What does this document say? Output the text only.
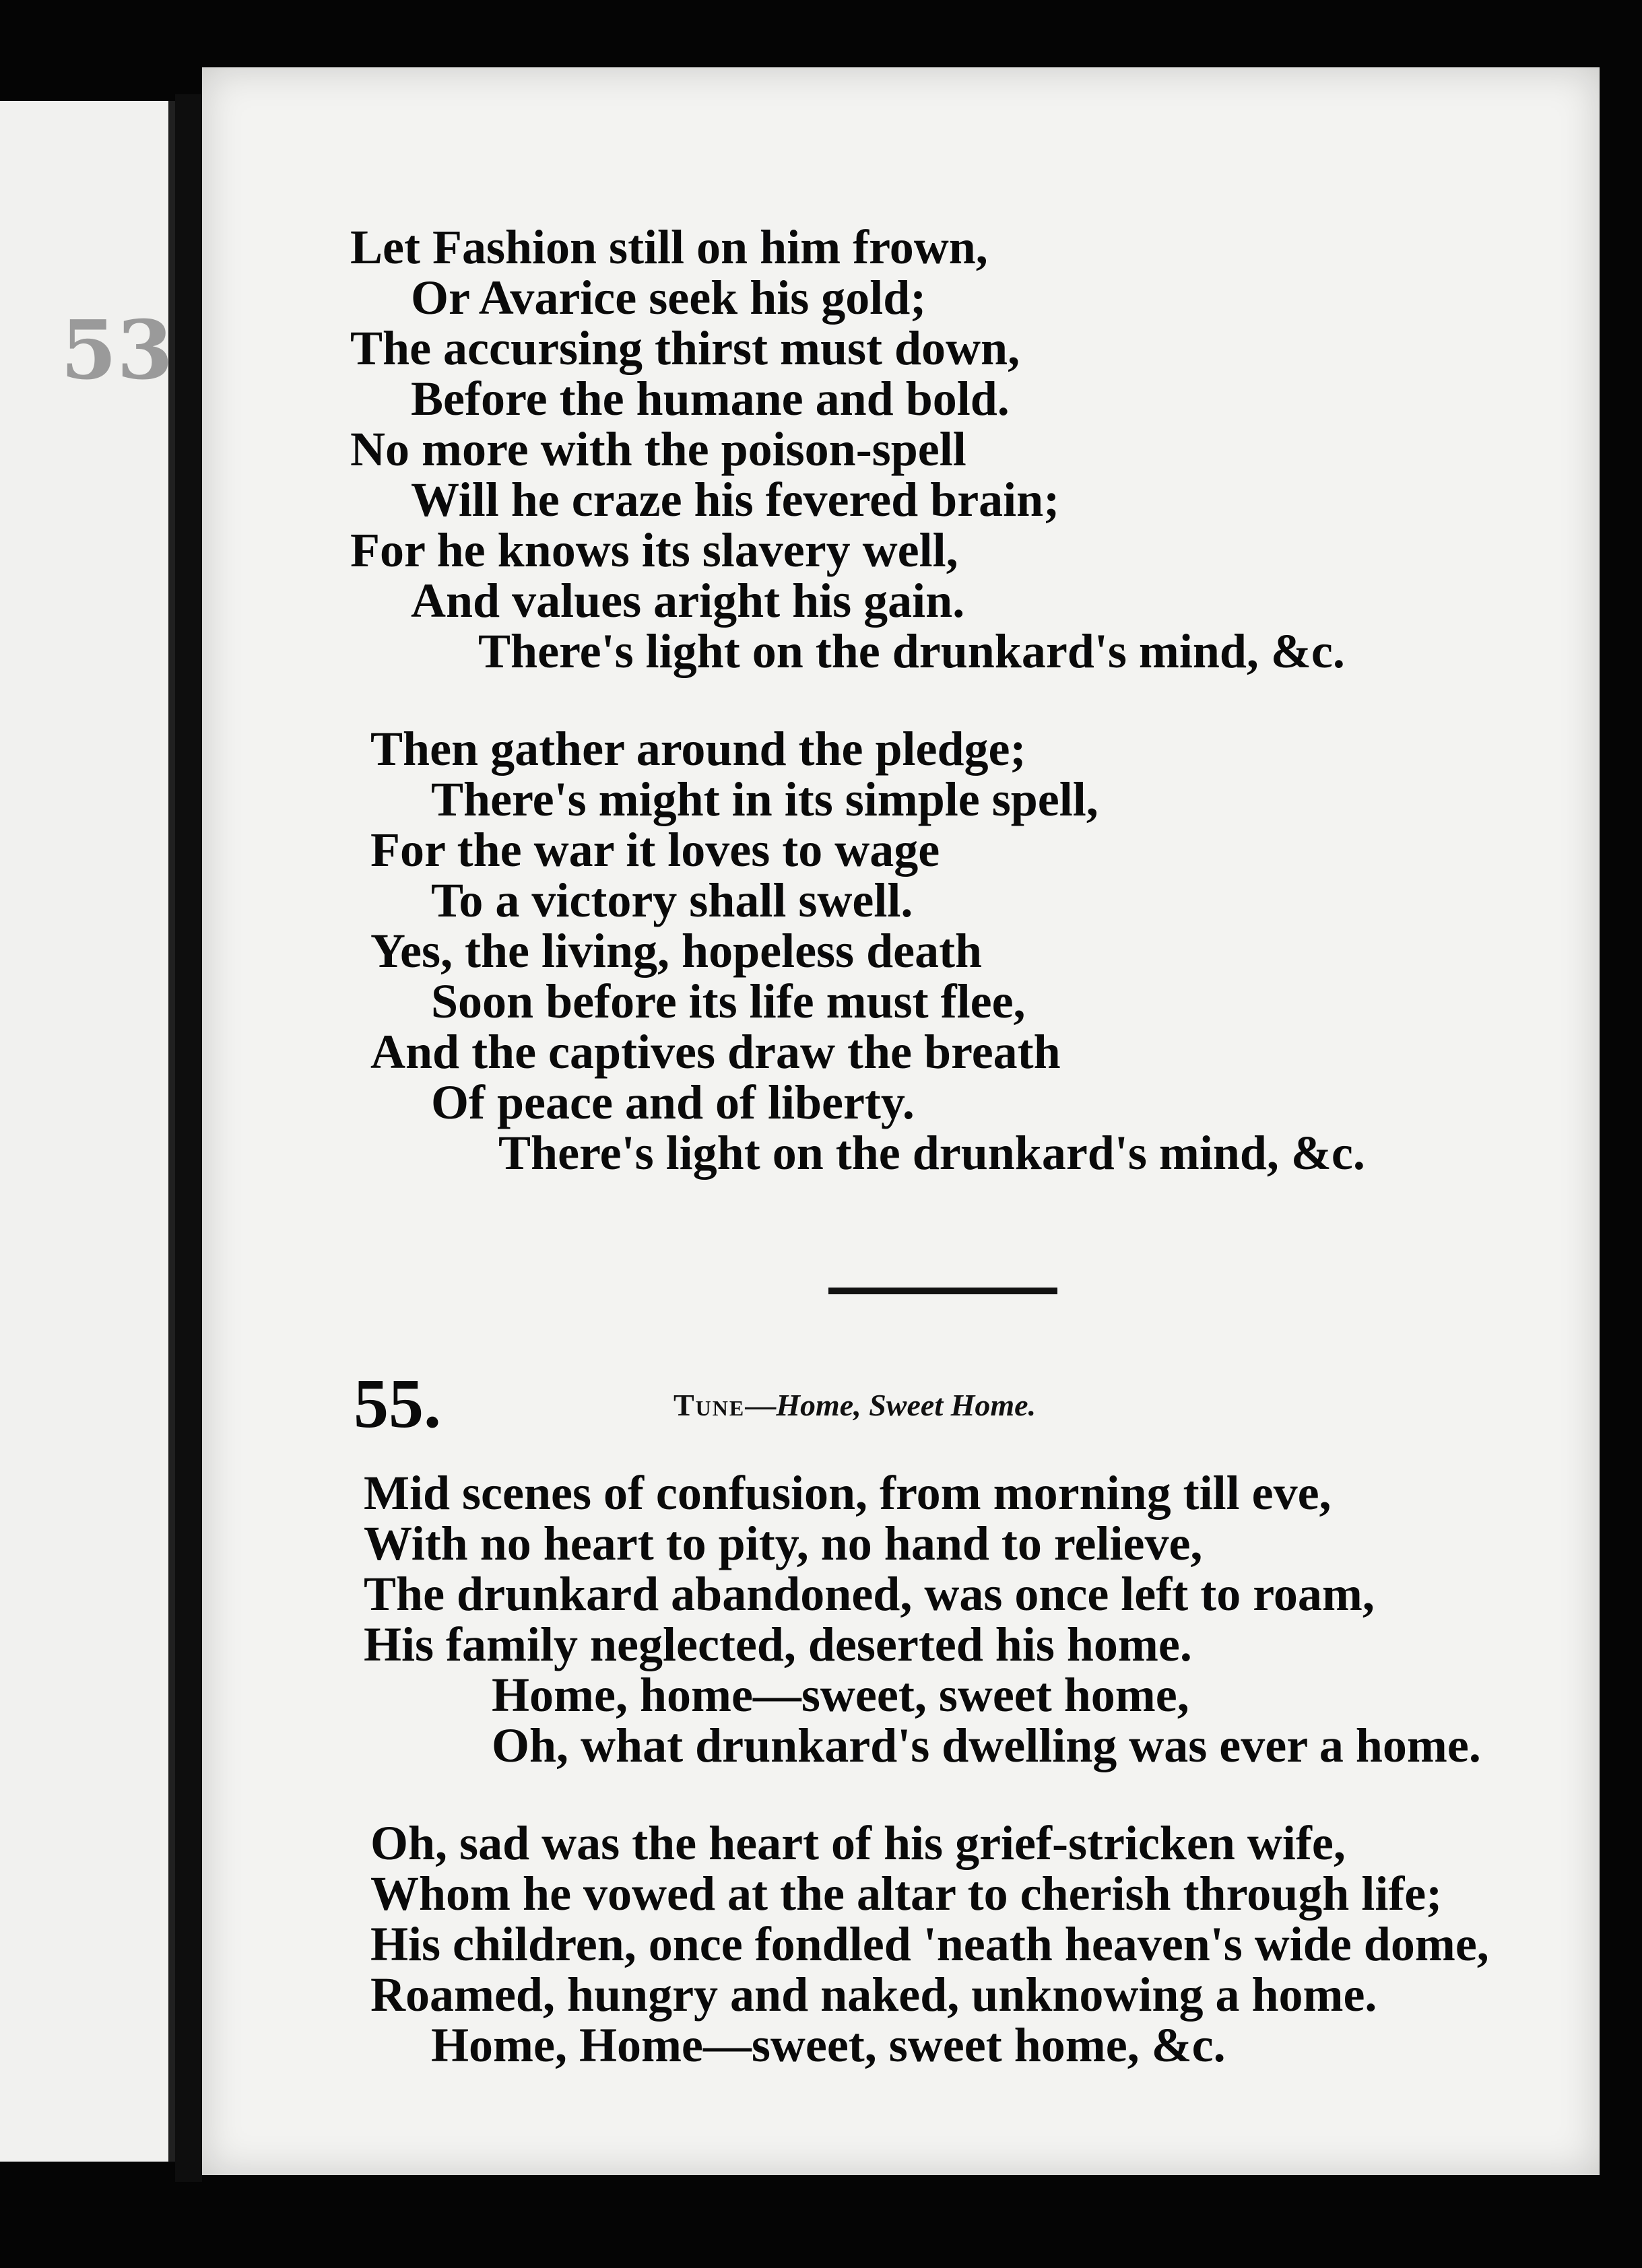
53
Let Fashion still on him frown,
Or Avarice seek his gold;
The accursing thirst must down,
Before the humane and bold.
No more with the poison-spell
Will he craze his fevered brain;
For he knows its slavery well,
And values aright his gain.
There's light on the drunkard's mind, &c.
Then gather around the pledge;
There's might in its simple spell,
For the war it loves to wage
To a victory shall swell.
Yes, the living, hopeless death
Soon before its life must flee,
And the captives draw the breath
Of peace and of liberty.
There's light on the drunkard's mind, &c.
55.	Tune—Home, Sweet Home.
Mid scenes of confusion, from morning till eve,
With no heart to pity, no hand to relieve,
The drunkard abandoned, was once left to roam,
His family neglected, deserted his home.
Home, home—sweet, sweet home,
Oh, what drunkard's dwelling was ever a home.
Oh, sad was the heart of his grief-stricken wife,
Whom he vowed at the altar to cherish through life;
His children, once fondled 'neath heaven's wide dome,
Roamed, hungry and naked, unknowing a home.
Home, Home—sweet, sweet home, &c.
